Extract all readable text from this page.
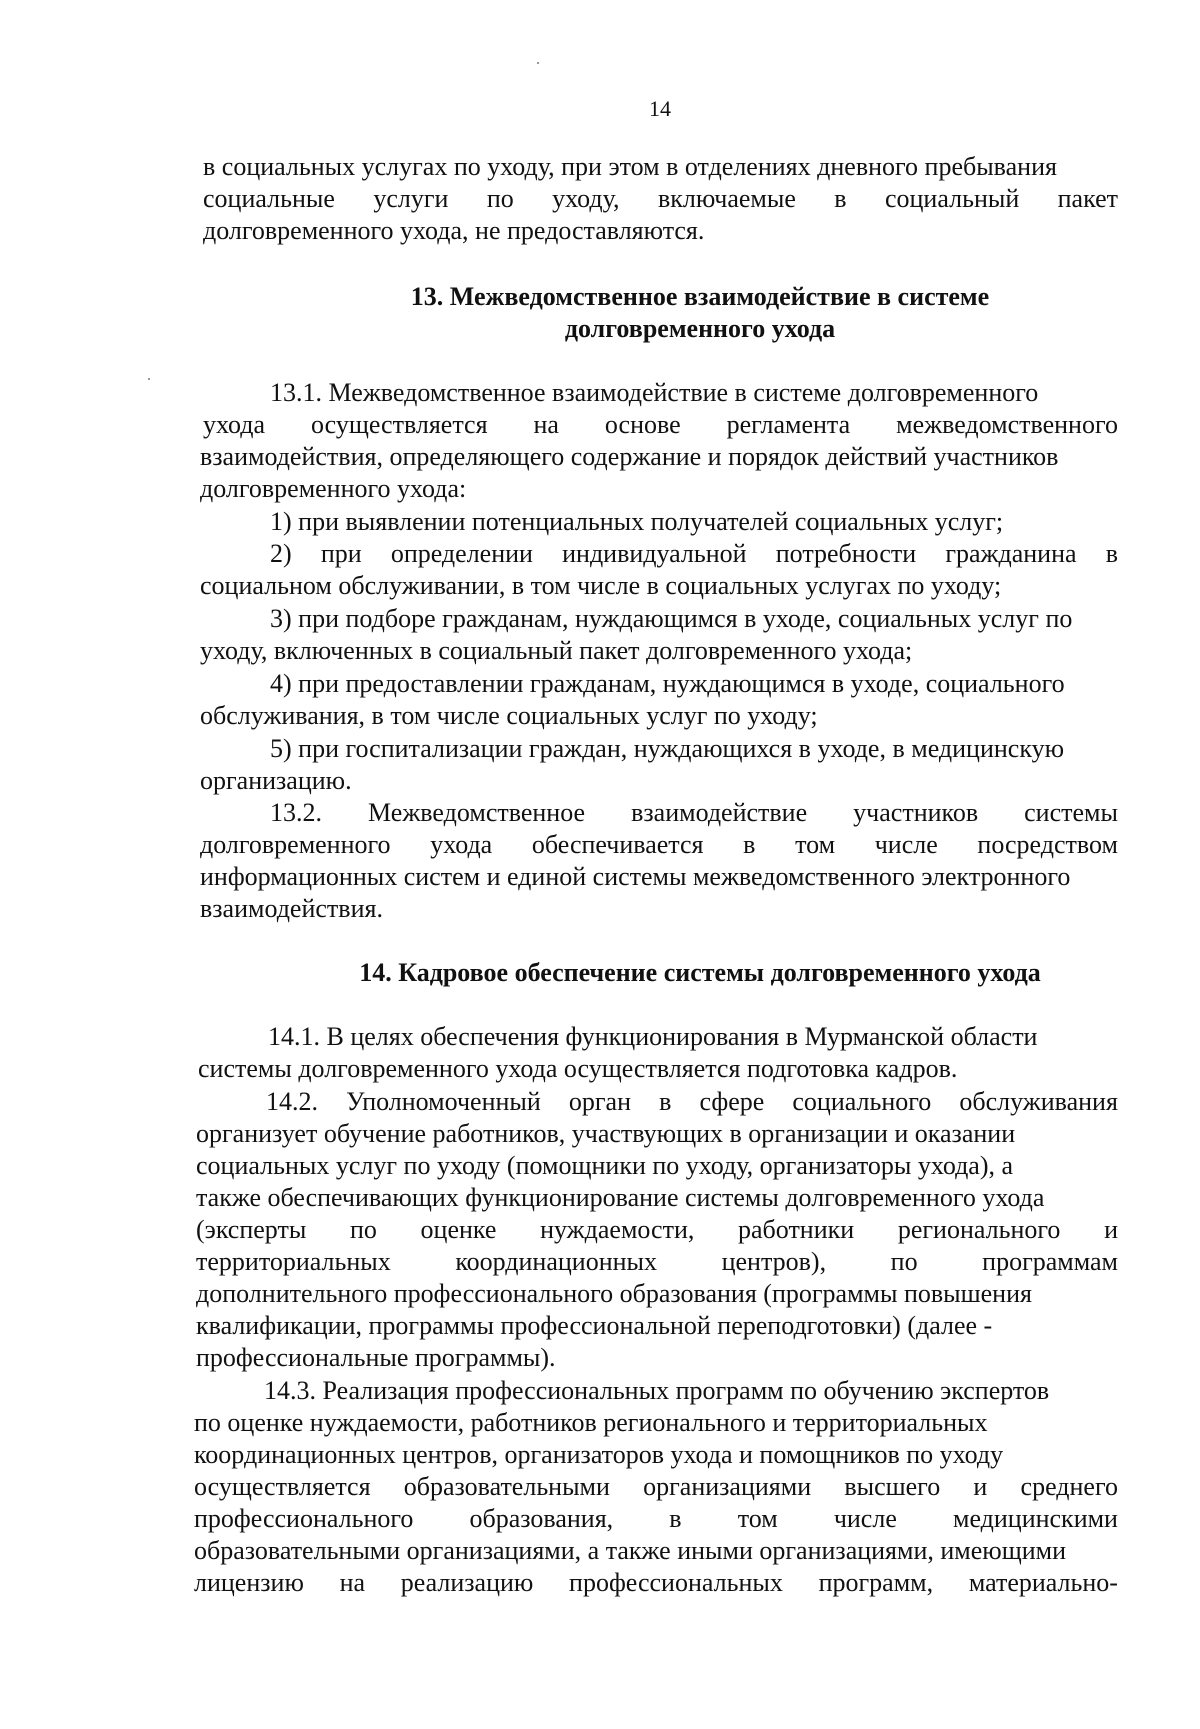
14
в социальных услугах по уходу, при этом в отделениях дневного пребывания
социальные услуги по уходу, включаемые в социальный пакет
долговременного ухода, не предоставляются.
13. Межведомственное взаимодействие в системе
долговременного ухода
13.1. Межведомственное взаимодействие в системе долговременного
ухода осуществляется на основе регламента межведомственного
взаимодействия, определяющего содержание и порядок действий участников
долговременного ухода:
1) при выявлении потенциальных получателей социальных услуг;
2) при определении индивидуальной потребности гражданина в
социальном обслуживании, в том числе в социальных услугах по уходу;
3) при подборе гражданам, нуждающимся в уходе, социальных услуг по
уходу, включенных в социальный пакет долговременного ухода;
4) при предоставлении гражданам, нуждающимся в уходе, социального
обслуживания, в том числе социальных услуг по уходу;
5) при госпитализации граждан, нуждающихся в уходе, в медицинскую
организацию.
13.2. Межведомственное взаимодействие участников системы
долговременного ухода обеспечивается в том числе посредством
информационных систем и единой системы межведомственного электронного
взаимодействия.
14. Кадровое обеспечение системы долговременного ухода
14.1. В целях обеспечения функционирования в Мурманской области
системы долговременного ухода осуществляется подготовка кадров.
14.2. Уполномоченный орган в сфере социального обслуживания
организует обучение работников, участвующих в организации и оказании
социальных услуг по уходу (помощники по уходу, организаторы ухода), а
также обеспечивающих функционирование системы долговременного ухода
(эксперты по оценке нуждаемости, работники регионального и
территориальных координационных центров), по программам
дополнительного профессионального образования (программы повышения
квалификации, программы профессиональной переподготовки) (далее -
профессиональные программы).
14.3. Реализация профессиональных программ по обучению экспертов
по оценке нуждаемости, работников регионального и территориальных
координационных центров, организаторов ухода и помощников по уходу
осуществляется образовательными организациями высшего и среднего
профессионального образования, в том числе медицинскими
образовательными организациями, а также иными организациями, имеющими
лицензию на реализацию профессиональных программ, материально-
